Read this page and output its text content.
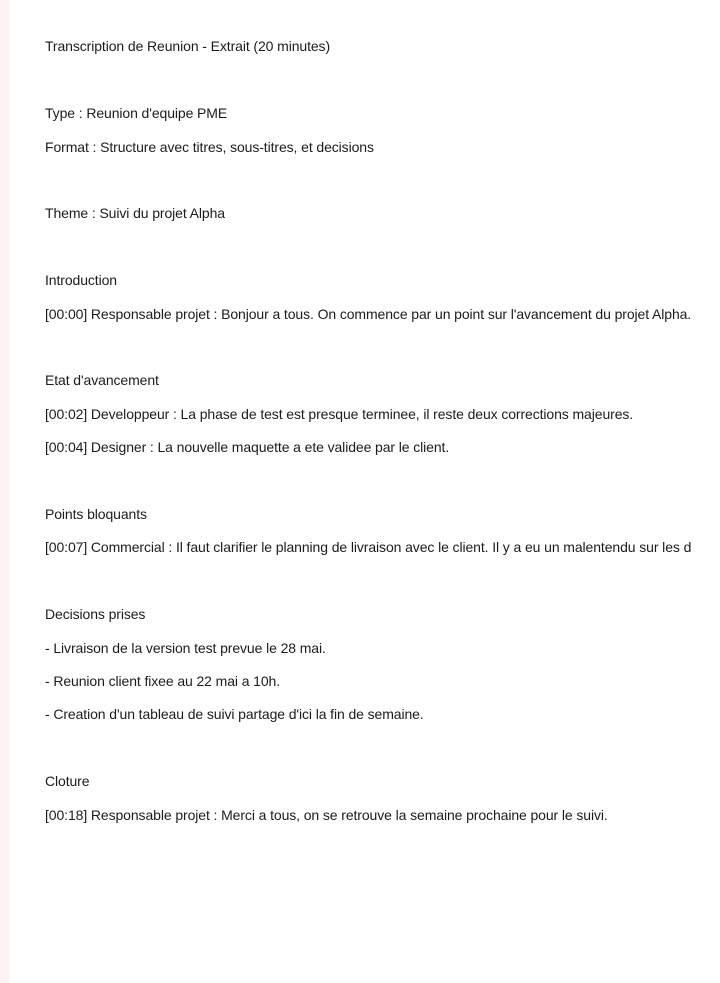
Transcription de Reunion - Extrait (20 minutes)
Type : Reunion d'equipe PME
Format : Structure avec titres, sous-titres, et decisions
Theme : Suivi du projet Alpha
Introduction
[00:00] Responsable projet : Bonjour a tous. On commence par un point sur l'avancement du projet Alpha.
Etat d'avancement
[00:02] Developpeur : La phase de test est presque terminee, il reste deux corrections majeures.
[00:04] Designer : La nouvelle maquette a ete validee par le client.
Points bloquants
[00:07] Commercial : Il faut clarifier le planning de livraison avec le client. Il y a eu un malentendu sur les d
Decisions prises
- Livraison de la version test prevue le 28 mai.
- Reunion client fixee au 22 mai a 10h.
- Creation d'un tableau de suivi partage d'ici la fin de semaine.
Cloture
[00:18] Responsable projet : Merci a tous, on se retrouve la semaine prochaine pour le suivi.
